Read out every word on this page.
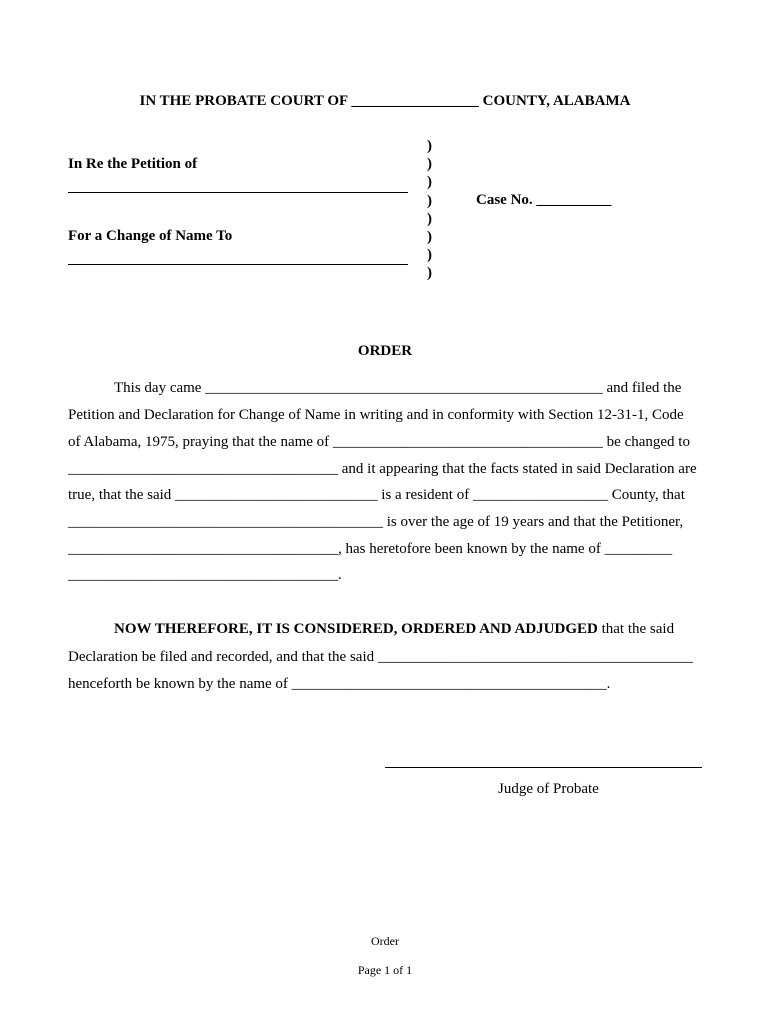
IN THE PROBATE COURT OF _________________ COUNTY, ALABAMA
In Re the Petition of
For a Change of Name To
)
)
)
)
)
)
)
)
Case No. __________
ORDER
This day came _____________________________________________________ and filed the
Petition and Declaration for Change of Name in writing and in conformity with Section 12-31-1, Code
of Alabama, 1975, praying that the name of ____________________________________ be changed to
____________________________________ and it appearing that the facts stated in said Declaration are
true, that the said ___________________________ is a resident of __________________ County, that
__________________________________________ is over the age of 19 years and that the Petitioner,
____________________________________, has heretofore been known by the name of _________
____________________________________.
NOW THEREFORE, IT IS CONSIDERED, ORDERED AND ADJUDGED that the said
Declaration be filed and recorded, and that the said __________________________________________
henceforth be known by the name of __________________________________________.
Judge of Probate
Order
Page 1 of 1
